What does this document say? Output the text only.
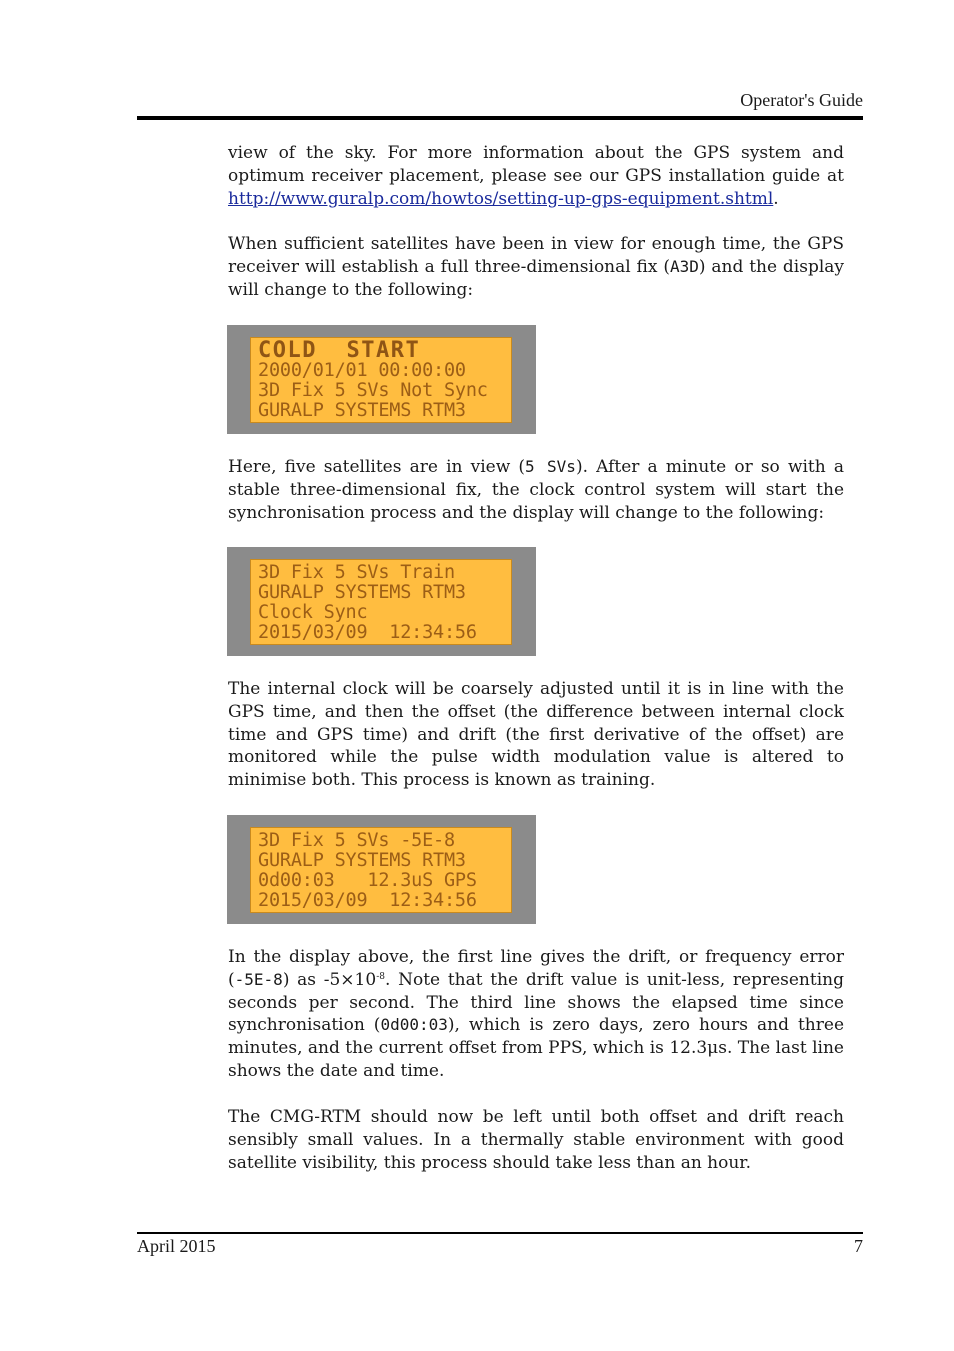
Operator's Guide
view of the sky. For more information about the GPS system and optimum receiver placement, please see our GPS installation guide at http://www.guralp.com/howtos/setting-up-gps-equipment.shtml.
When sufficient satellites have been in view for enough time, the GPS receiver will establish a full three-dimensional fix (A3D) and the display will change to the following:
COLD  START
2000/01/01 00:00:00
3D Fix 5 SVs Not Sync
GURALP SYSTEMS RTM3
Here, five satellites are in view (5 SVs). After a minute or so with a stable three-dimensional fix, the clock control system will start the synchronisation process and the display will change to the following:
3D Fix 5 SVs Train
GURALP SYSTEMS RTM3
Clock Sync
2015/03/09  12:34:56
The internal clock will be coarsely adjusted until it is in line with the GPS time, and then the offset (the difference between internal clock time and GPS time) and drift (the first derivative of the offset) are monitored while the pulse width modulation value is altered to minimise both. This process is known as training.
3D Fix 5 SVs -5E-8
GURALP SYSTEMS RTM3
0d00:03   12.3uS GPS
2015/03/09  12:34:56
In the display above, the first line gives the drift, or frequency error (-5E-8) as $-5\times 10^{-8}$. Note that the drift value is unit-less, representing seconds per second. The third line shows the elapsed time since synchronisation (0d00:03), which is zero days, zero hours and three minutes, and the current offset from PPS, which is 12.3μs. The last line shows the date and time.
The CMG-RTM should now be left until both offset and drift reach sensibly small values. In a thermally stable environment with good satellite visibility, this process should take less than an hour.
April 2015	7
